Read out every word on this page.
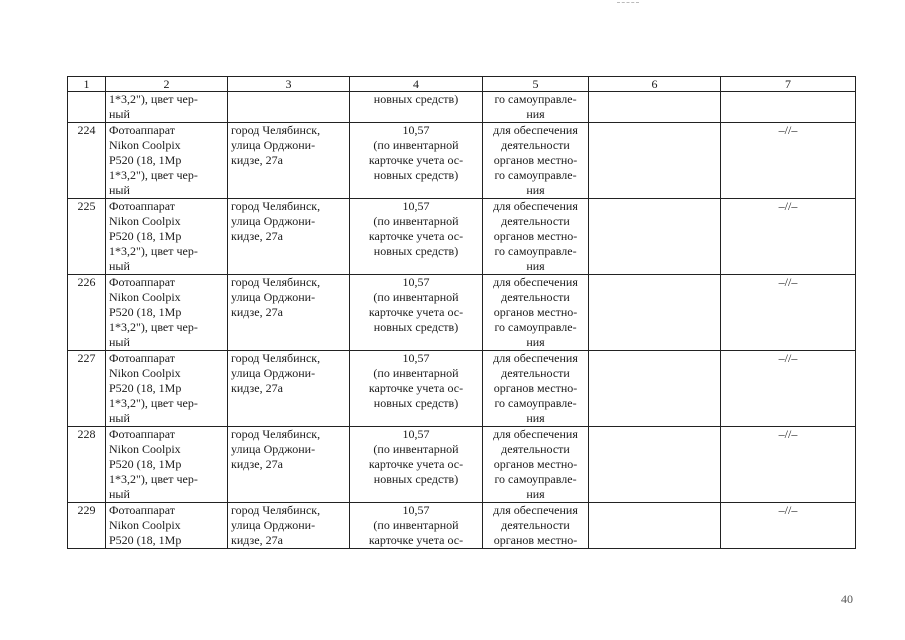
1	2	3	4	5	6	7
	1*3,2"), цвет чер-
ный		новных средств)	го самоуправле-
ния		
224	Фотоаппарат
Nikon Coolpix
P520 (18, 1Mp
1*3,2"), цвет чер-
ный	город Челябинск,
улица Орджони-
кидзе, 27а	10,57
(по инвентарной
карточке учета ос-
новных средств)	для обеспечения
деятельности
органов местно-
го самоуправле-
ния		–//–
225	Фотоаппарат
Nikon Coolpix
P520 (18, 1Mp
1*3,2"), цвет чер-
ный	город Челябинск,
улица Орджони-
кидзе, 27а	10,57
(по инвентарной
карточке учета ос-
новных средств)	для обеспечения
деятельности
органов местно-
го самоуправле-
ния		–//–
226	Фотоаппарат
Nikon Coolpix
P520 (18, 1Mp
1*3,2"), цвет чер-
ный	город Челябинск,
улица Орджони-
кидзе, 27а	10,57
(по инвентарной
карточке учета ос-
новных средств)	для обеспечения
деятельности
органов местно-
го самоуправле-
ния		–//–
227	Фотоаппарат
Nikon Coolpix
P520 (18, 1Mp
1*3,2"), цвет чер-
ный	город Челябинск,
улица Орджони-
кидзе, 27а	10,57
(по инвентарной
карточке учета ос-
новных средств)	для обеспечения
деятельности
органов местно-
го самоуправле-
ния		–//–
228	Фотоаппарат
Nikon Coolpix
P520 (18, 1Mp
1*3,2"), цвет чер-
ный	город Челябинск,
улица Орджони-
кидзе, 27а	10,57
(по инвентарной
карточке учета ос-
новных средств)	для обеспечения
деятельности
органов местно-
го самоуправле-
ния		–//–
229	Фотоаппарат
Nikon Coolpix
P520 (18, 1Mp	город Челябинск,
улица Орджони-
кидзе, 27а	10,57
(по инвентарной
карточке учета ос-	для обеспечения
деятельности
органов местно-		–//–
40
